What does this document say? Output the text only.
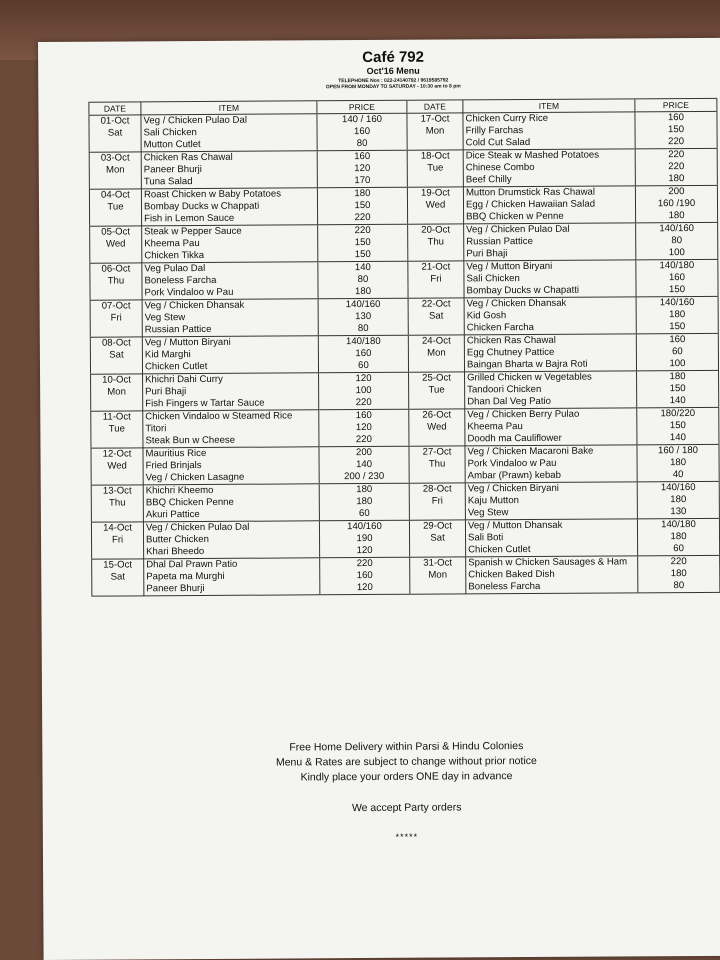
Café 792
Oct'16 Menu
TELEPHONE Nos : 022-24140792 / 9619585792
OPEN FROM MONDAY TO SATURDAY - 10:30 am to 8 pm
DATE	ITEM	PRICE	DATE	ITEM	PRICE
01-Oct	Veg / Chicken Pulao Dal	140 / 160	17-Oct	Chicken Curry Rice	160
Sat	Sali Chicken	160	Mon	Frilly Farchas	150
	Mutton Cutlet	80		Cold Cut Salad	220
03-Oct	Chicken Ras Chawal	160	18-Oct	Dice Steak w Mashed Potatoes	220
Mon	Paneer Bhurji	120	Tue	Chinese Combo	220
	Tuna Salad	170		Beef Chilly	180
04-Oct	Roast Chicken w Baby Potatoes	180	19-Oct	Mutton Drumstick Ras Chawal	200
Tue	Bombay Ducks w Chappati	150	Wed	Egg / Chicken Hawaiian Salad	160 /190
	Fish in Lemon Sauce	220		BBQ Chicken w Penne	180
05-Oct	Steak w Pepper Sauce	220	20-Oct	Veg / Chicken Pulao Dal	140/160
Wed	Kheema Pau	150	Thu	Russian Pattice	80
	Chicken Tikka	150		Puri Bhaji	100
06-Oct	Veg Pulao Dal	140	21-Oct	Veg / Mutton Biryani	140/180
Thu	Boneless Farcha	80	Fri	Sali Chicken	160
	Pork Vindaloo w Pau	180		Bombay Ducks w Chapatti	150
07-Oct	Veg / Chicken Dhansak	140/160	22-Oct	Veg / Chicken Dhansak	140/160
Fri	Veg Stew	130	Sat	Kid Gosh	180
	Russian Pattice	80		Chicken Farcha	150
08-Oct	Veg / Mutton Biryani	140/180	24-Oct	Chicken Ras Chawal	160
Sat	Kid Marghi	160	Mon	Egg Chutney Pattice	60
	Chicken Cutlet	60		Baingan Bharta w Bajra Roti	100
10-Oct	Khichri Dahi Curry	120	25-Oct	Grilled Chicken w Vegetables	180
Mon	Puri Bhaji	100	Tue	Tandoori Chicken	150
	Fish Fingers w Tartar Sauce	220		Dhan Dal Veg Patio	140
11-Oct	Chicken Vindaloo w Steamed Rice	160	26-Oct	Veg / Chicken Berry Pulao	180/220
Tue	Titori	120	Wed	Kheema Pau	150
	Steak Bun w Cheese	220		Doodh ma Cauliflower	140
12-Oct	Mauritius Rice	200	27-Oct	Veg / Chicken Macaroni Bake	160 / 180
Wed	Fried Brinjals	140	Thu	Pork Vindaloo w Pau	180
	Veg / Chicken Lasagne	200 / 230		Ambar (Prawn) kebab	40
13-Oct	Khichri Kheemo	180	28-Oct	Veg / Chicken Biryani	140/160
Thu	BBQ Chicken Penne	180	Fri	Kaju Mutton	180
	Akuri Pattice	60		Veg Stew	130
14-Oct	Veg / Chicken Pulao Dal	140/160	29-Oct	Veg / Mutton Dhansak	140/180
Fri	Butter Chicken	190	Sat	Sali Boti	180
	Khari Bheedo	120		Chicken Cutlet	60
15-Oct	Dhal Dal Prawn Patio	220	31-Oct	Spanish w Chicken Sausages & Ham	220
Sat	Papeta ma Murghi	160	Mon	Chicken Baked Dish	180
	Paneer Bhurji	120		Boneless Farcha	80
Free Home Delivery within Parsi & Hindu Colonies
Menu & Rates are subject to change without prior notice
Kindly place your orders ONE day in advance
We accept Party orders
*****
